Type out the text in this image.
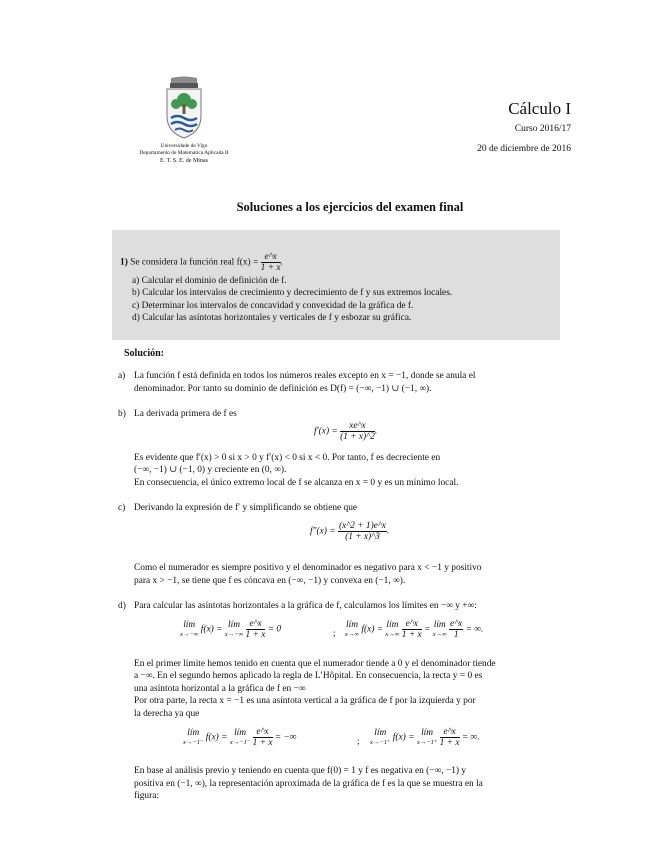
Universidade de Vigo
Departamento de Matemática Aplicada II
E. T. S. E. de Minas
Cálculo I
Curso 2016/17
20 de diciembre de 2016
Soluciones a los ejercicios del examen final
1) Se considera la función real $f(x) = \frac{e\^{}x}{1 + x}$ .
a) Calcular el dominio de definición de f.
b) Calcular los intervalos de crecimiento y decrecimiento de f y sus extremos locales.
c) Determinar los intervalos de concavidad y convexidad de la gráfica de f.
d) Calcular las asíntotas horizontales y verticales de f y esbozar su gráfica.
Solución:
a) La función f está definida en todos los números reales excepto en x = −1, donde se anula el
denominador. Por tanto su dominio de definición es D(f) = (−∞, −1) ∪ (−1, ∞).
b) La derivada primera de f es
$f'(x) = \frac{xe\^{}x}{(1 + x)\^{}2}$ .
Es evidente que f′(x) > 0 si x > 0 y f′(x) < 0 si x < 0. Por tanto, f es decreciente en
(−∞, −1) ∪ (−1, 0) y creciente en (0, ∞).
En consecuencia, el único extremo local de f se alcanza en x = 0 y es un mínimo local.
c) Derivando la expresión de f′ y simplificando se obtiene que
$f''(x) = \frac{(x\^{}2 + 1)e\^{}x}{(1 + x)\^{}3}$ .
Como el numerador es siempre positivo y el denominador es negativo para x < −1 y positivo
para x > −1, se tiene que f es cóncava en (−∞, −1) y convexa en (−1, ∞).
d) Para calcular las asíntotas horizontales a la gráfica de f, calculamos los límites en −∞ y +∞:
lím
x→−∞ f(x) = lím
x→−∞
$\frac{e\^{}x}{1 + x} = 0$	;
lím
x→∞ f(x) = lím
x→∞
$\frac{e\^{}x}{1 + x}$ = lím
x→∞
$\frac{e\^{}x}{1}$ = ∞.
En el primer límite hemos tenido en cuenta que el numerador tiende a 0 y el denominador tiende
a −∞. En el segundo hemos aplicado la regla de L’Hôpital. En consecuencia, la recta y = 0 es
una asíntota horizontal a la gráfica de f en −∞
Por otra parte, la recta x = −1 es una asíntota vertical a la gráfica de f por la izquierda y por
la derecha ya que
lím
x→−1⁻ f(x) = lím
x→−1⁻
$\frac{e\^{}x}{1 + x}$ = −∞	;
lím
x→−1⁺ f(x) = lím
x→−1⁺
$\frac{e\^{}x}{1 + x}$ = ∞.
En base al análisis previo y teniendo en cuenta que f(0) = 1 y f es negativa en (−∞, −1) y
positiva en (−1, ∞), la representación aproximada de la gráfica de f es la que se muestra en la
figura:
